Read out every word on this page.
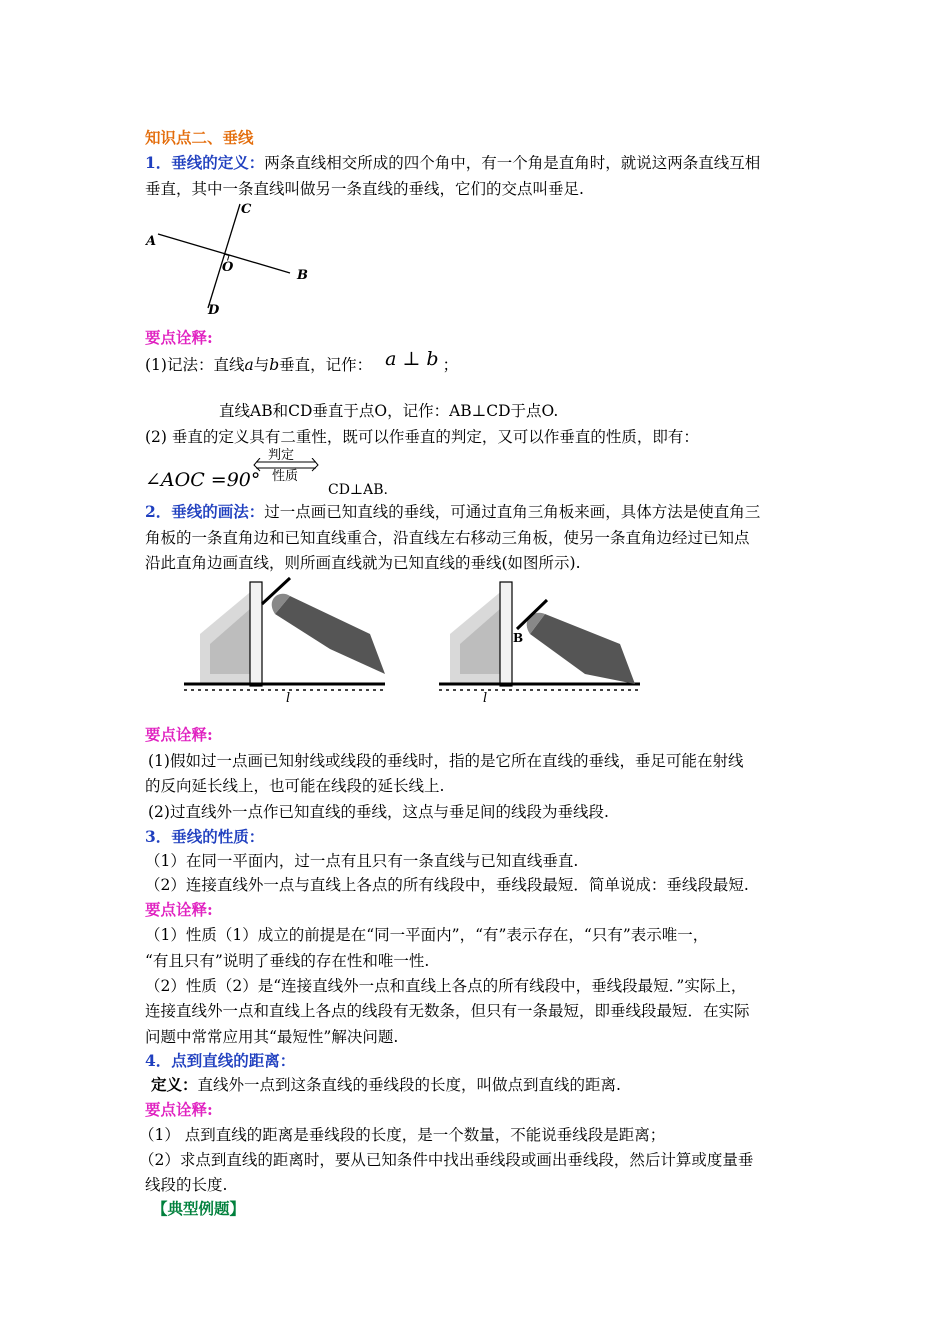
知识点二、垂线
1．垂线的定义：两条直线相交所成的四个角中，有一个角是直角时，就说这两条直线互相
垂直，其中一条直线叫做另一条直线的垂线，它们的交点叫垂足.
A
B
C
D
O
要点诠释:
(1)记法：直线a与b垂直，记作： a ⊥ b ；
直线AB和CD垂直于点O，记作：AB⊥CD于点O.
(2) 垂直的定义具有二重性，既可以作垂直的判定，又可以作垂直的性质，即有：
∠AOC =90°
判定
性质
CD⊥AB.
2．垂线的画法：过一点画已知直线的垂线，可通过直角三角板来画，具体方法是使直角三
角板的一条直角边和已知直线重合，沿直线左右移动三角板，使另一条直角边经过已知点
沿此直角边画直线，则所画直线就为已知直线的垂线(如图所示).
l
B
l
要点诠释:
(1)假如过一点画已知射线或线段的垂线时，指的是它所在直线的垂线，垂足可能在射线
的反向延长线上，也可能在线段的延长线上.
(2)过直线外一点作已知直线的垂线，这点与垂足间的线段为垂线段.
3．垂线的性质：
（1）在同一平面内，过一点有且只有一条直线与已知直线垂直.
（2）连接直线外一点与直线上各点的所有线段中，垂线段最短．简单说成：垂线段最短.
要点诠释:
（1）性质（1）成立的前提是在“同一平面内”，“有”表示存在，“只有”表示唯一，
“有且只有”说明了垂线的存在性和唯一性.
（2）性质（2）是“连接直线外一点和直线上各点的所有线段中，垂线段最短．”实际上，
连接直线外一点和直线上各点的线段有无数条，但只有一条最短，即垂线段最短．在实际
问题中常常应用其“最短性”解决问题.
4．点到直线的距离：
定义：直线外一点到这条直线的垂线段的长度，叫做点到直线的距离.
要点诠释:
（1） 点到直线的距离是垂线段的长度，是一个数量，不能说垂线段是距离；
（2）求点到直线的距离时，要从已知条件中找出垂线段或画出垂线段，然后计算或度量垂
线段的长度.
【典型例题】
